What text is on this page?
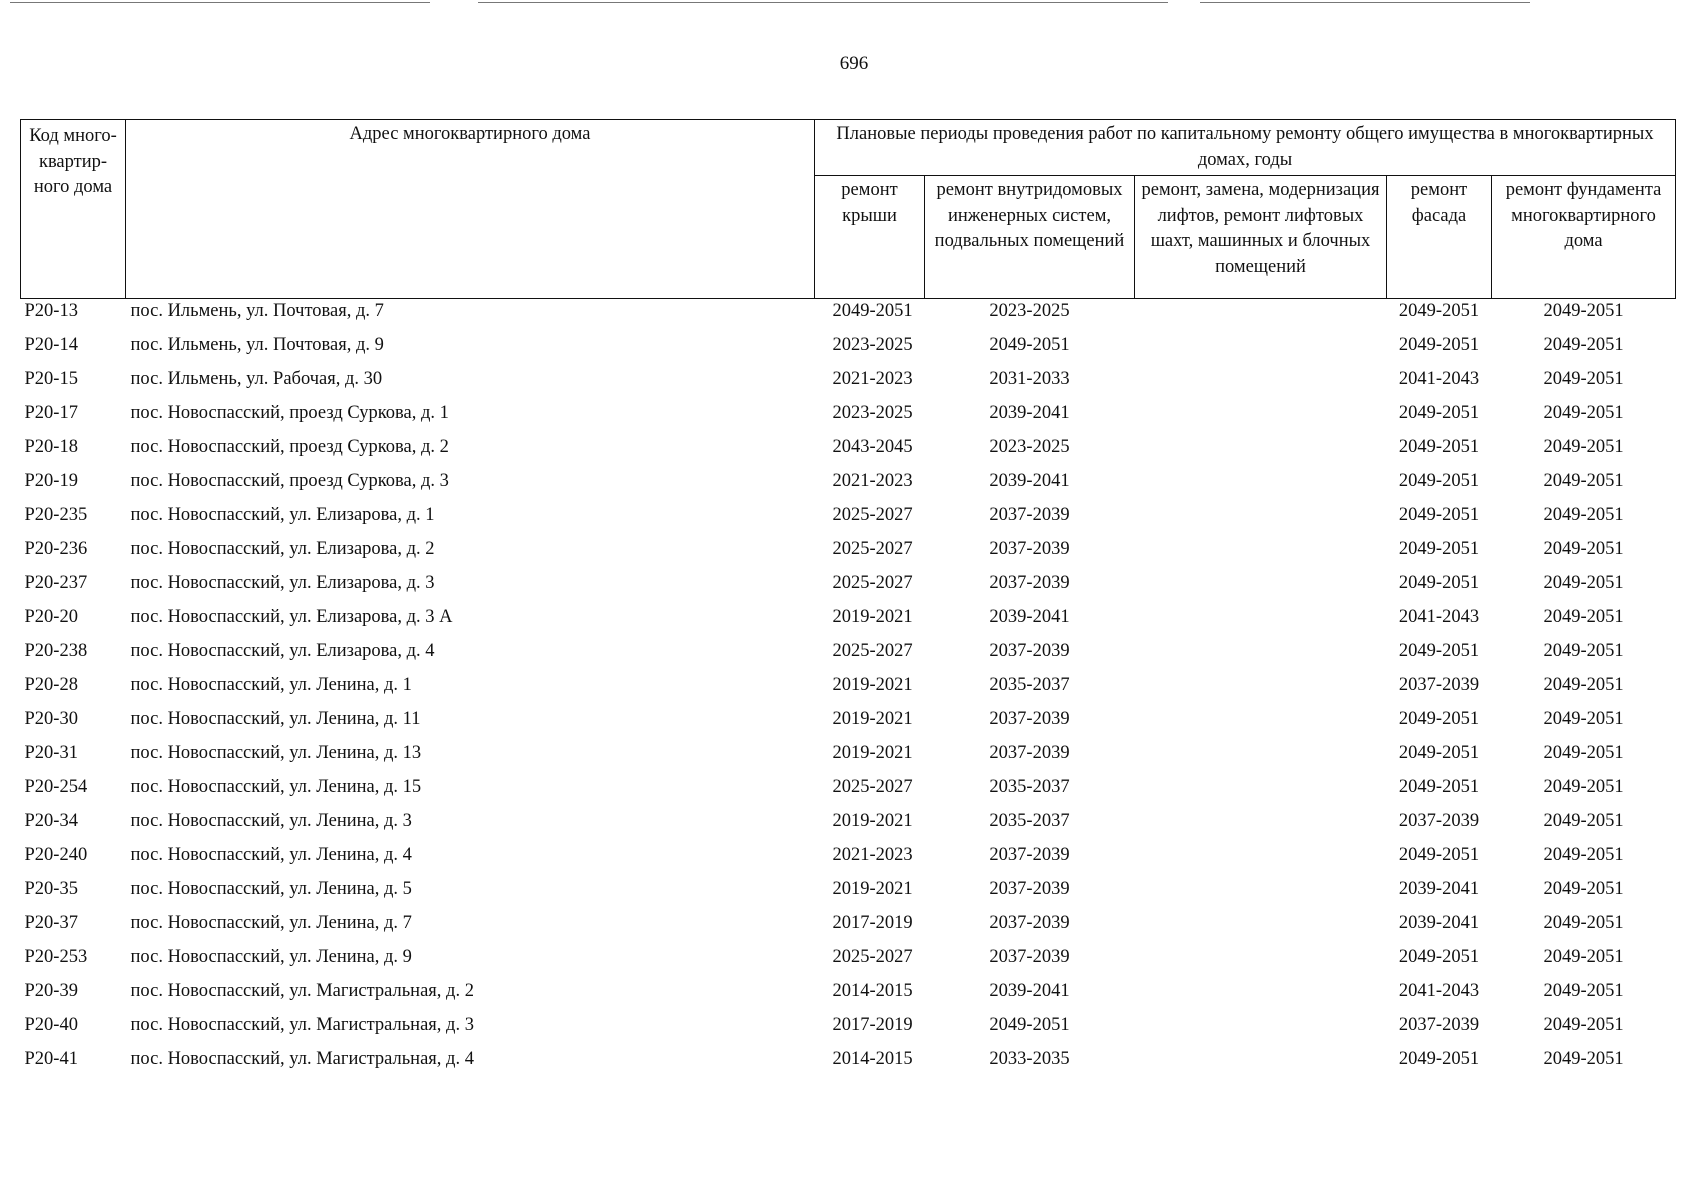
696
Код много-квартир-ного дома	Адрес многоквартирного дома	Плановые периоды проведения работ по капитальному ремонту общего имущества в многоквартирных домах, годы				
		ремонт крыши	ремонт внутридомовых инженерных систем, подвальных помещений	ремонт, замена, модернизация лифтов, ремонт лифтовых шахт, машинных и блочных помещений	ремонт фасада	ремонт фундамента многоквартирного дома
Р20-13	пос. Ильмень, ул. Почтовая, д. 7	2049-2051	2023-2025		2049-2051	2049-2051
Р20-14	пос. Ильмень, ул. Почтовая, д. 9	2023-2025	2049-2051		2049-2051	2049-2051
Р20-15	пос. Ильмень, ул. Рабочая, д. 30	2021-2023	2031-2033		2041-2043	2049-2051
Р20-17	пос. Новоспасский, проезд Суркова, д. 1	2023-2025	2039-2041		2049-2051	2049-2051
Р20-18	пос. Новоспасский, проезд Суркова, д. 2	2043-2045	2023-2025		2049-2051	2049-2051
Р20-19	пос. Новоспасский, проезд Суркова, д. 3	2021-2023	2039-2041		2049-2051	2049-2051
Р20-235	пос. Новоспасский, ул. Елизарова, д. 1	2025-2027	2037-2039		2049-2051	2049-2051
Р20-236	пос. Новоспасский, ул. Елизарова, д. 2	2025-2027	2037-2039		2049-2051	2049-2051
Р20-237	пос. Новоспасский, ул. Елизарова, д. 3	2025-2027	2037-2039		2049-2051	2049-2051
Р20-20	пос. Новоспасский, ул. Елизарова, д. 3 А	2019-2021	2039-2041		2041-2043	2049-2051
Р20-238	пос. Новоспасский, ул. Елизарова, д. 4	2025-2027	2037-2039		2049-2051	2049-2051
Р20-28	пос. Новоспасский, ул. Ленина, д. 1	2019-2021	2035-2037		2037-2039	2049-2051
Р20-30	пос. Новоспасский, ул. Ленина, д. 11	2019-2021	2037-2039		2049-2051	2049-2051
Р20-31	пос. Новоспасский, ул. Ленина, д. 13	2019-2021	2037-2039		2049-2051	2049-2051
Р20-254	пос. Новоспасский, ул. Ленина, д. 15	2025-2027	2035-2037		2049-2051	2049-2051
Р20-34	пос. Новоспасский, ул. Ленина, д. 3	2019-2021	2035-2037		2037-2039	2049-2051
Р20-240	пос. Новоспасский, ул. Ленина, д. 4	2021-2023	2037-2039		2049-2051	2049-2051
Р20-35	пос. Новоспасский, ул. Ленина, д. 5	2019-2021	2037-2039		2039-2041	2049-2051
Р20-37	пос. Новоспасский, ул. Ленина, д. 7	2017-2019	2037-2039		2039-2041	2049-2051
Р20-253	пос. Новоспасский, ул. Ленина, д. 9	2025-2027	2037-2039		2049-2051	2049-2051
Р20-39	пос. Новоспасский, ул. Магистральная, д. 2	2014-2015	2039-2041		2041-2043	2049-2051
Р20-40	пос. Новоспасский, ул. Магистральная, д. 3	2017-2019	2049-2051		2037-2039	2049-2051
Р20-41	пос. Новоспасский, ул. Магистральная, д. 4	2014-2015	2033-2035		2049-2051	2049-2051
